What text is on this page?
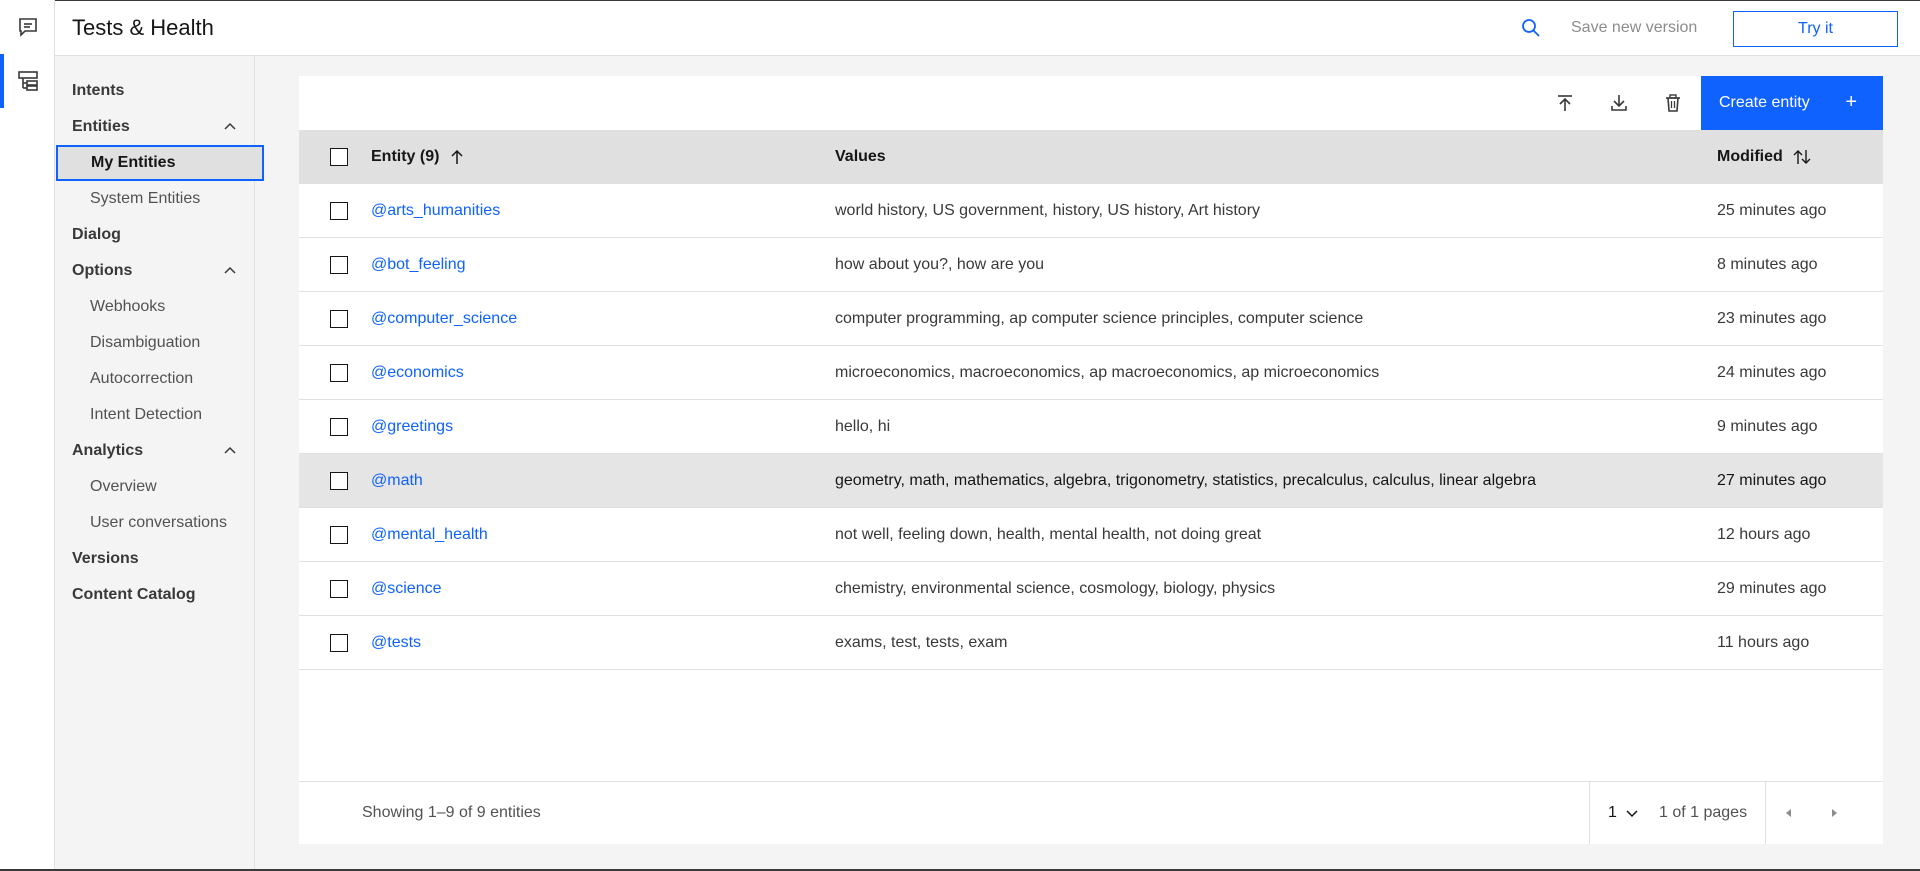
Tests & Health	Save new version	Try it
Intents
Entities
My Entities
System Entities
Dialog
Options
Webhooks
Disambiguation
Autocorrection
Intent Detection
Analytics
Overview
User conversations
Versions
Content Catalog
Create entity +
Entity (9)	Values	Modified
@arts_humanities	world history, US government, history, US history, Art history	25 minutes ago
@bot_feeling	how about you?, how are you	8 minutes ago
@computer_science	computer programming, ap computer science principles, computer science	23 minutes ago
@economics	microeconomics, macroeconomics, ap macroeconomics, ap microeconomics	24 minutes ago
@greetings	hello, hi	9 minutes ago
@math	geometry, math, mathematics, algebra, trigonometry, statistics, precalculus, calculus, linear algebra	27 minutes ago
@mental_health	not well, feeling down, health, mental health, not doing great	12 hours ago
@science	chemistry, environmental science, cosmology, biology, physics	29 minutes ago
@tests	exams, test, tests, exam	11 hours ago
Showing 1–9 of 9 entities	1	1 of 1 pages
